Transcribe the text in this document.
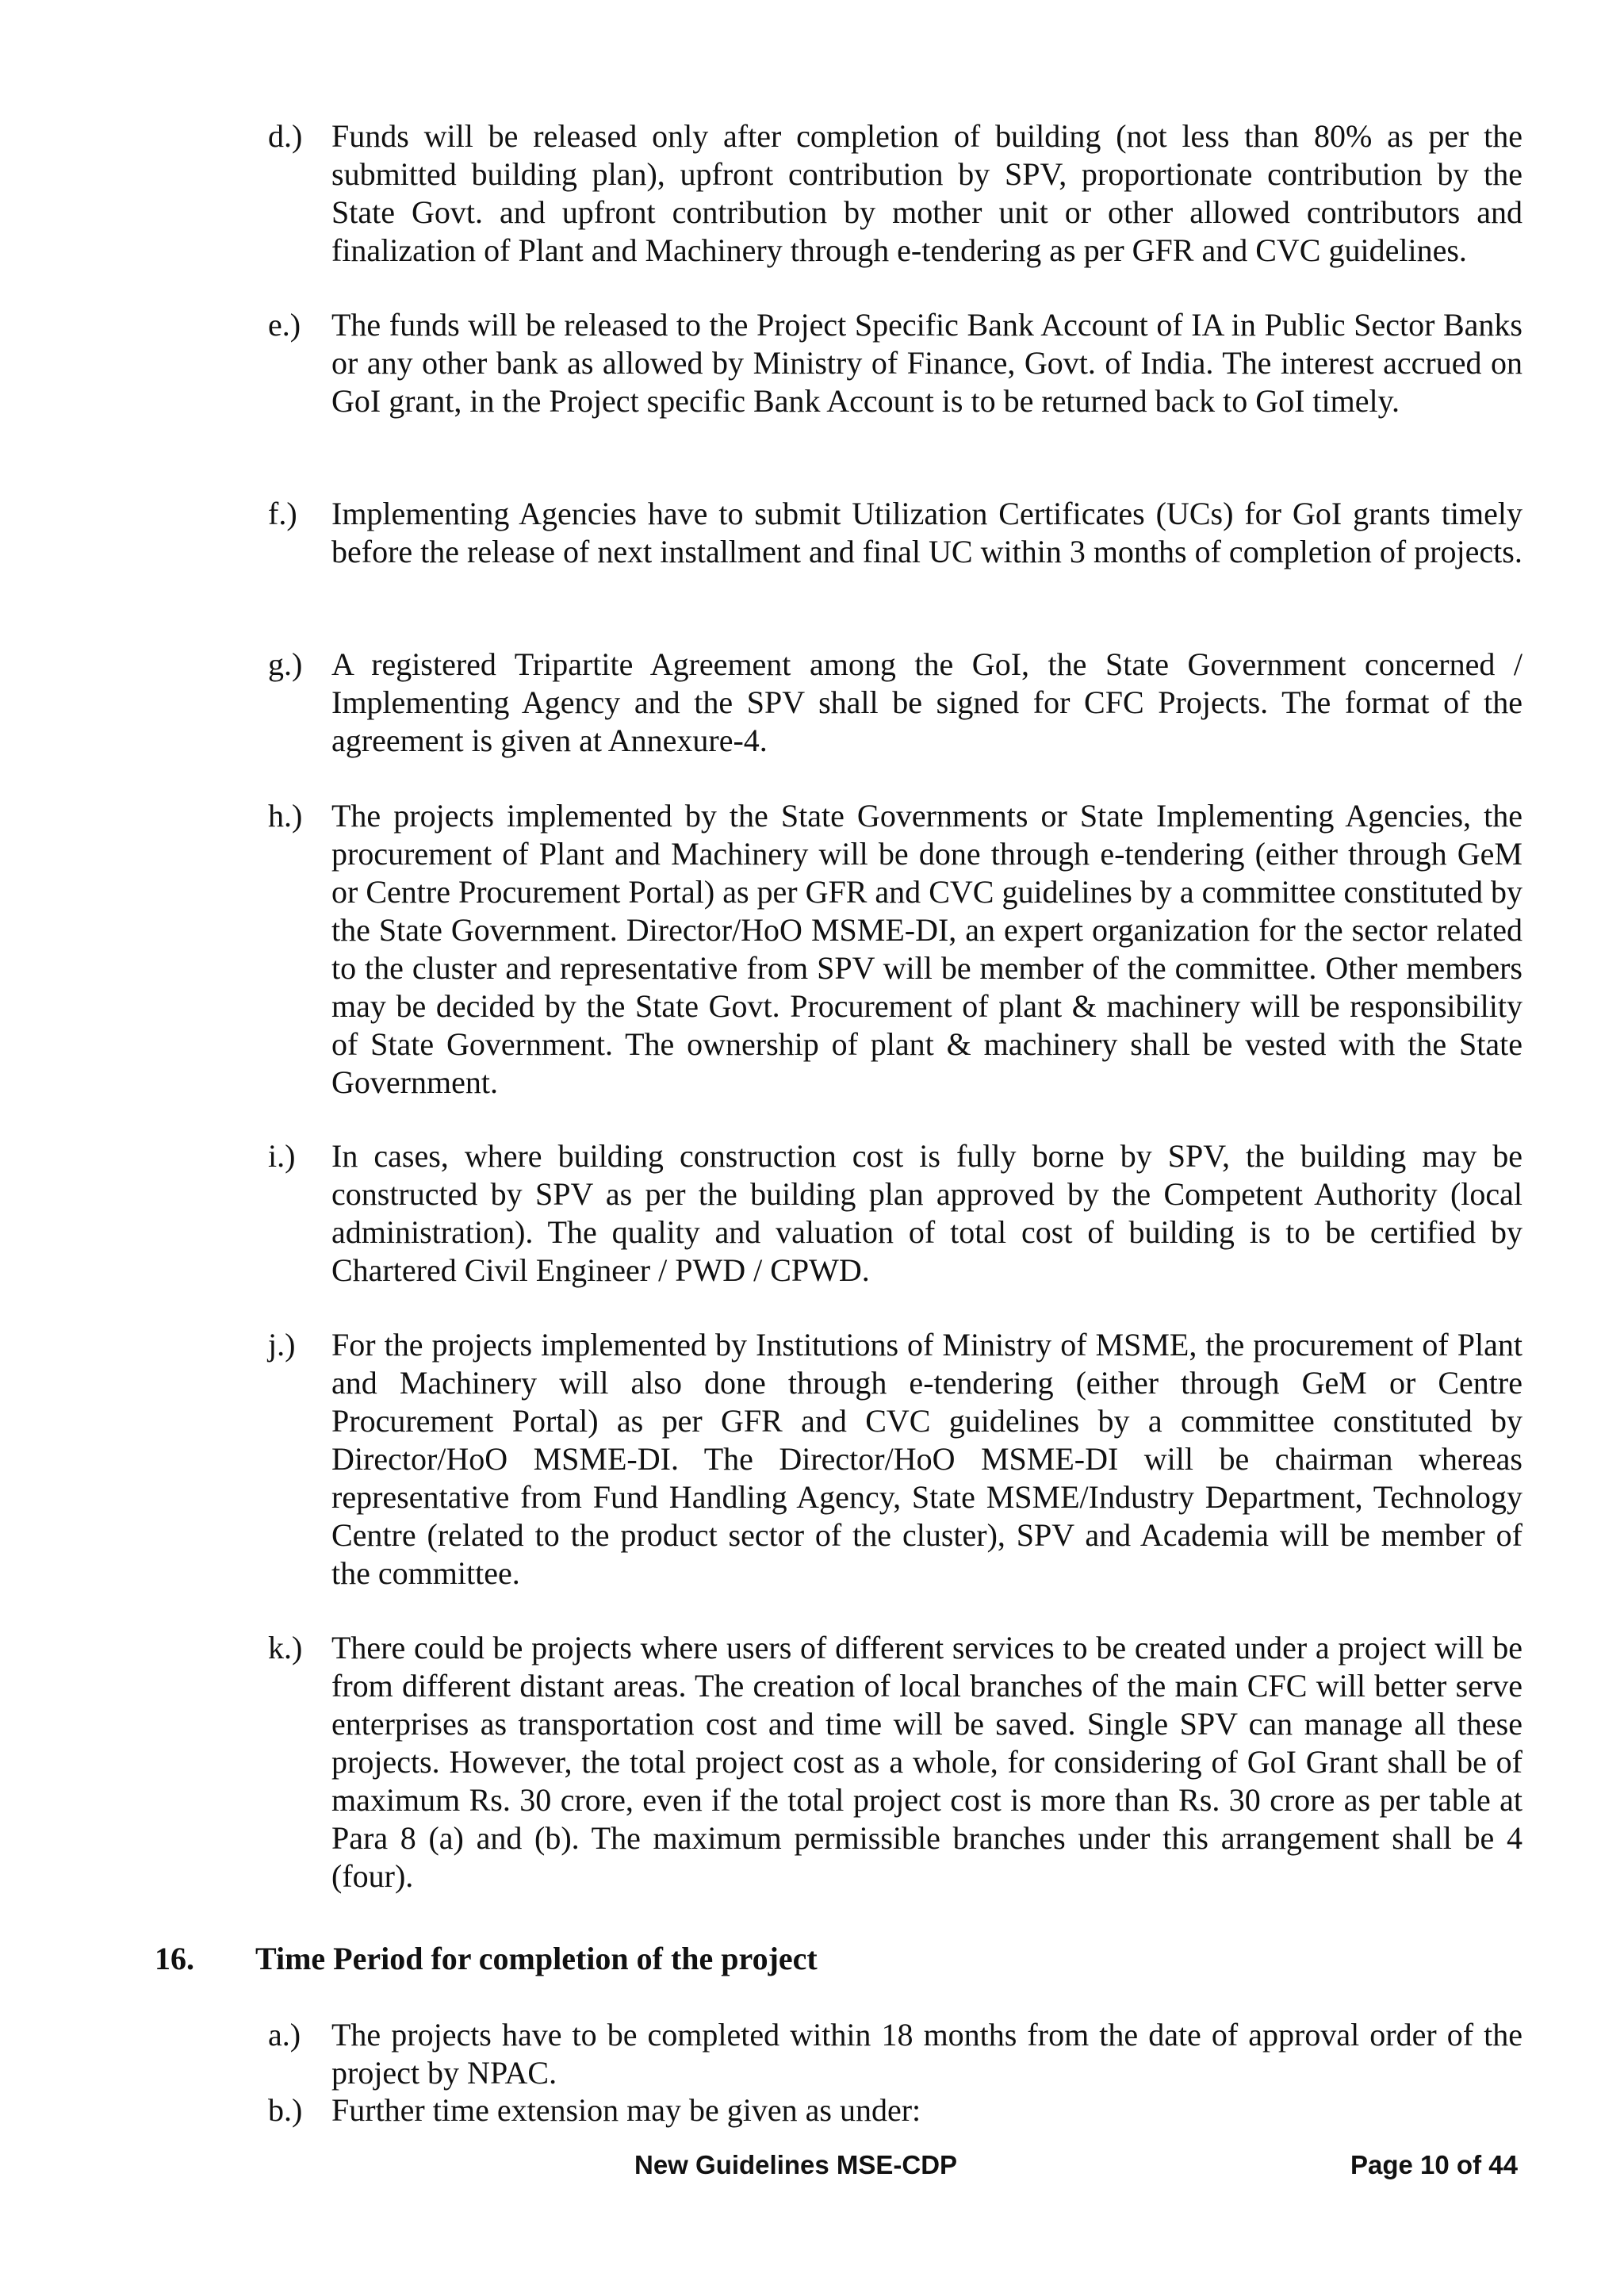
d.) Funds will be released only after completion of building (not less than 80% as per the submitted building plan), upfront contribution by SPV, proportionate contribution by the State Govt. and upfront contribution by mother unit or other allowed contributors and finalization of Plant and Machinery through e-tendering as per GFR and CVC guidelines.
e.) The funds will be released to the Project Specific Bank Account of IA in Public Sector Banks or any other bank as allowed by Ministry of Finance, Govt. of India. The interest accrued on GoI grant, in the Project specific Bank Account is to be returned back to GoI timely.
f.) Implementing Agencies have to submit Utilization Certificates (UCs) for GoI grants timely before the release of next installment and final UC within 3 months of completion of projects.
g.) A registered Tripartite Agreement among the GoI, the State Government concerned / Implementing Agency and the SPV shall be signed for CFC Projects. The format of the agreement is given at Annexure-4.
h.) The projects implemented by the State Governments or State Implementing Agencies, the procurement of Plant and Machinery will be done through e-tendering (either through GeM or Centre Procurement Portal) as per GFR and CVC guidelines by a committee constituted by the State Government. Director/HoO MSME-DI, an expert organization for the sector related to the cluster and representative from SPV will be member of the committee. Other members may be decided by the State Govt. Procurement of plant & machinery will be responsibility of State Government. The ownership of plant & machinery shall be vested with the State Government.
i.) In cases, where building construction cost is fully borne by SPV, the building may be constructed by SPV as per the building plan approved by the Competent Authority (local administration). The quality and valuation of total cost of building is to be certified by Chartered Civil Engineer / PWD / CPWD.
j.) For the projects implemented by Institutions of Ministry of MSME, the procurement of Plant and Machinery will also done through e-tendering (either through GeM or Centre Procurement Portal) as per GFR and CVC guidelines by a committee constituted by Director/HoO MSME-DI. The Director/HoO MSME-DI will be chairman whereas representative from Fund Handling Agency, State MSME/Industry Department, Technology Centre (related to the product sector of the cluster), SPV and Academia will be member of the committee.
k.) There could be projects where users of different services to be created under a project will be from different distant areas. The creation of local branches of the main CFC will better serve enterprises as transportation cost and time will be saved. Single SPV can manage all these projects. However, the total project cost as a whole, for considering of GoI Grant shall be of maximum Rs. 30 crore, even if the total project cost is more than Rs. 30 crore as per table at Para 8 (a) and (b). The maximum permissible branches under this arrangement shall be 4 (four).
16. Time Period for completion of the project
a.) The projects have to be completed within 18 months from the date of approval order of the project by NPAC.
b.) Further time extension may be given as under:
New Guidelines MSE-CDP	Page 10 of 44
